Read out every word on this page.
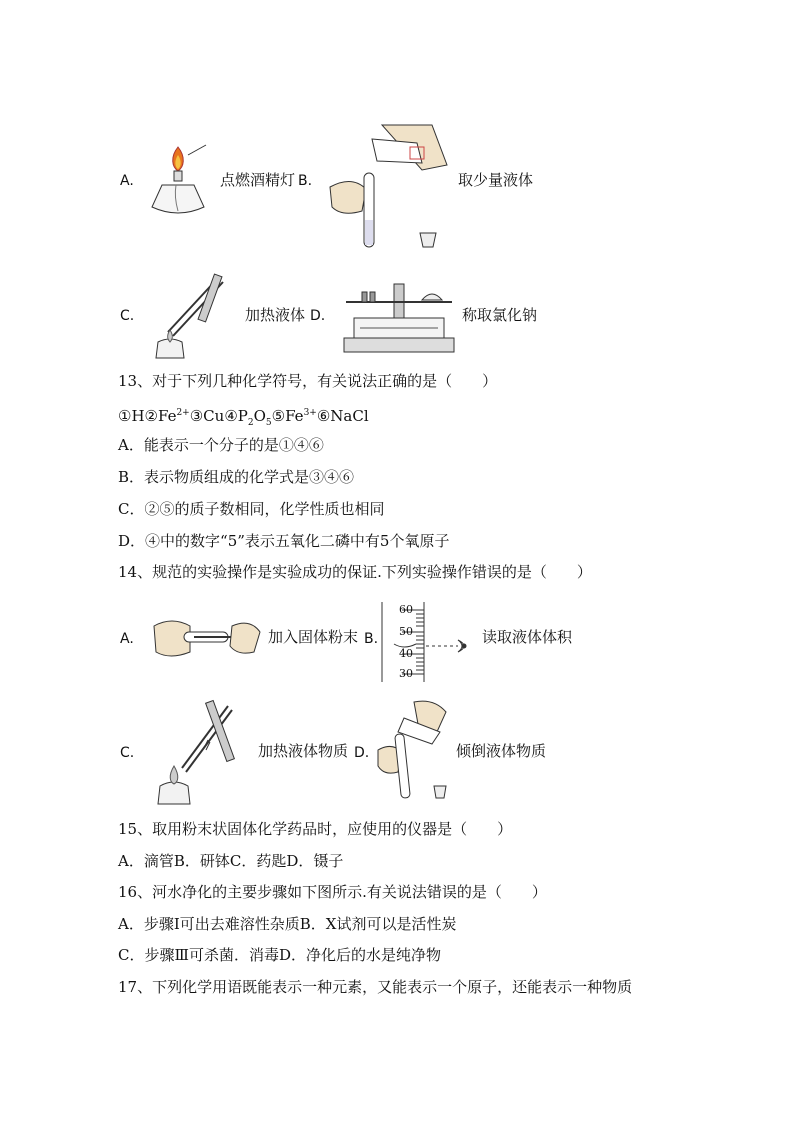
A.	点燃酒精灯 B.	取少量液体
C.	加热液体 D.	称取氯化钠
13、对于下列几种化学符号，有关说法正确的是（　　）
$①H②Fe^{2+}③Cu④P_2O_5⑤Fe^{3+}⑥NaCl$
A．能表示一个分子的是①④⑥
B．表示物质组成的化学式是③④⑥
C．②⑤的质子数相同，化学性质也相同
D．④中的数字“5”表示五氧化二磷中有5个氧原子
14、规范的实验操作是实验成功的保证.下列实验操作错误的是（　　）
A.	加入固体粉末 B.
60
50
40
30
读取液体体积
C.	加热液体物质 D.	倾倒液体物质
15、取用粉末状固体化学药品时，应使用的仪器是（　　）
A．滴管B．研钵C．药匙D．镊子
16、河水净化的主要步骤如下图所示.有关说法错误的是（　　）
A．步骤Ⅰ可出去难溶性杂质B．X试剂可以是活性炭
C．步骤Ⅲ可杀菌．消毒D．净化后的水是纯净物
17、下列化学用语既能表示一种元素，又能表示一个原子，还能表示一种物质
